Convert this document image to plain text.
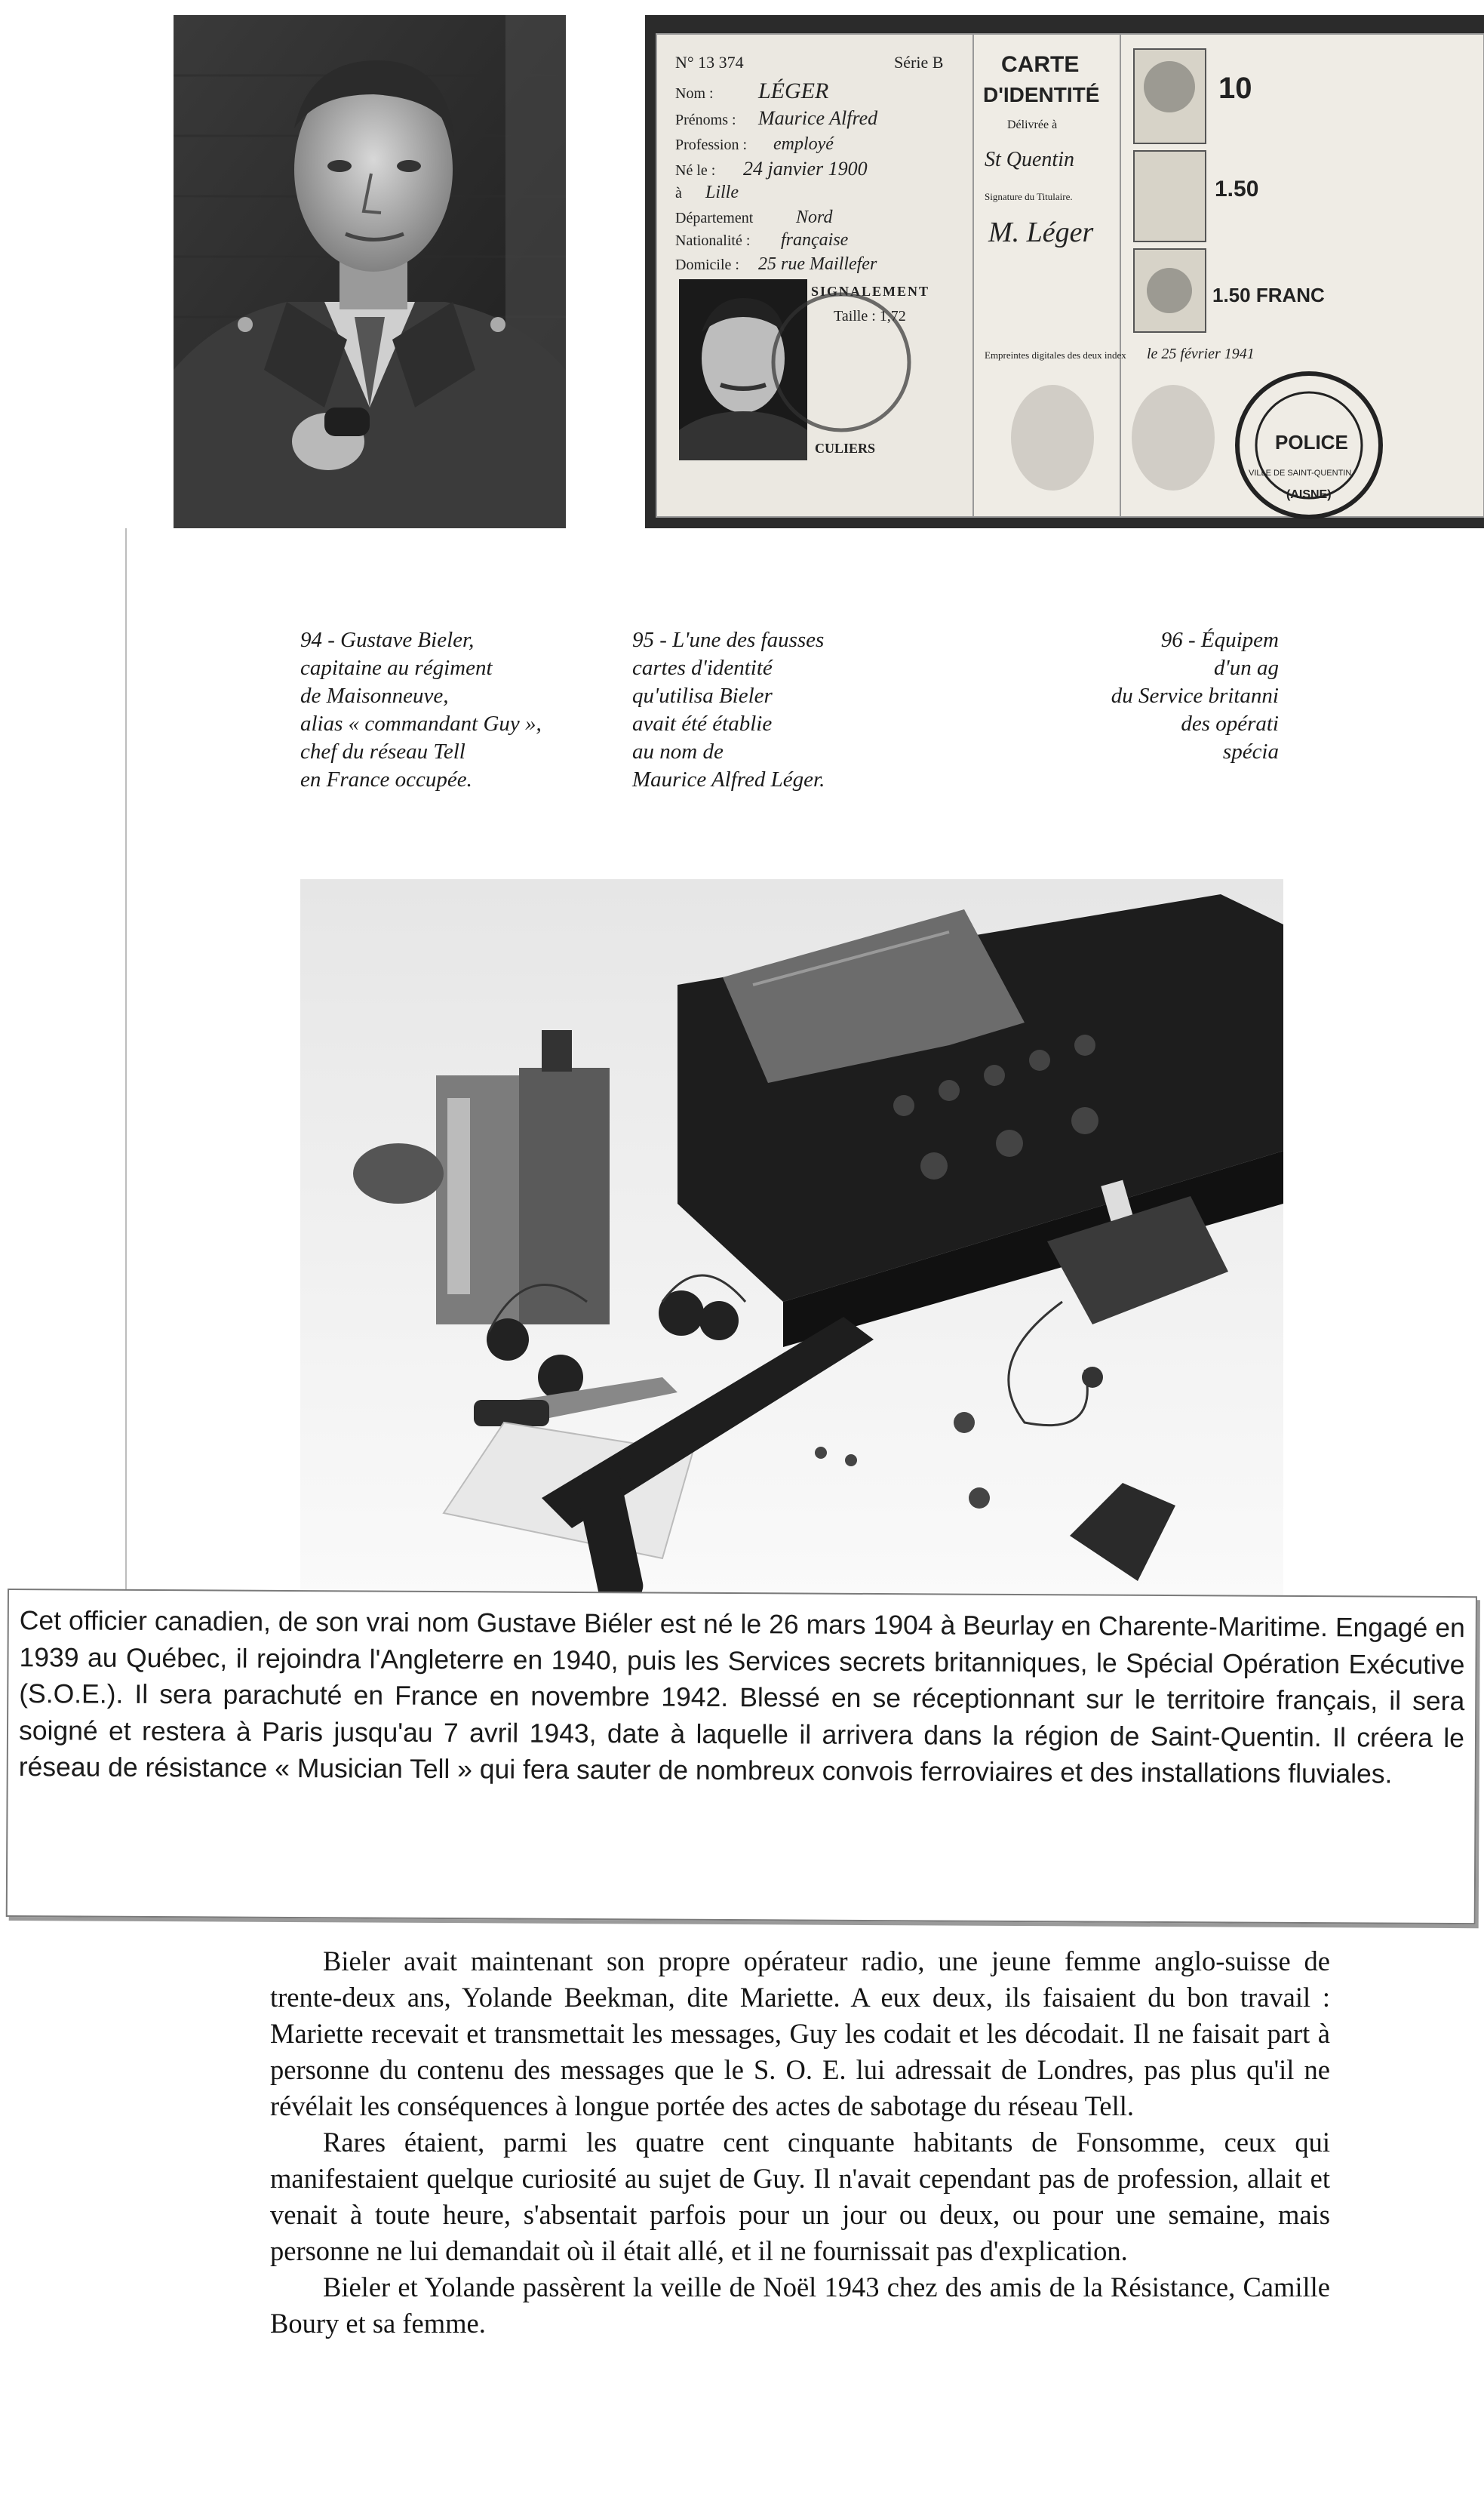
N° 13 374	Série B
Nom : LÉGER
Prénoms : Maurice Alfred
Profession : employé
Né le : 24 janvier 1900
à Lille
Département Nord
Nationalité : française
Domicile : 25 rue Maillefer
SIGNALEMENT
Taille : 1,72
CULIERS
CARTE
D'IDENTITÉ
Délivrée à
St Quentin
Signature du Titulaire.
M. Léger
Empreintes digitales des deux index le 25 février 1941
10
1.50
1.50 FRANC
POLICE
VILLE DE SAINT-QUENTIN
(AISNE)
94 - Gustave Bieler,
capitaine au régiment
de Maisonneuve,
alias « commandant Guy »,
chef du réseau Tell
en France occupée.
95 - L'une des fausses
cartes d'identité
qu'utilisa Bieler
avait été établie
au nom de
Maurice Alfred Léger.
96 - Équipem
d'un ag
du Service britanni
des opérati
spécia

Cet officier canadien, de son vrai nom Gustave Biéler est né le 26 mars 1904 à Beurlay en Charente-Maritime. Engagé en 1939 au Québec, il rejoindra l'Angleterre en 1940, puis les Services secrets britanniques, le Spécial Opération Exécutive (S.O.E.). Il sera parachuté en France en novembre 1942. Blessé en se réceptionnant sur le territoire français, il sera soigné et restera à Paris jusqu'au 7 avril 1943, date à laquelle il arrivera dans la région de Saint-Quentin. Il créera le réseau de résistance « Musician Tell » qui fera sauter de nombreux convois ferroviaires et des installations fluviales.

Bieler avait maintenant son propre opérateur radio, une jeune femme anglo-suisse de trente-deux ans, Yolande Beekman, dite Mariette. A eux deux, ils faisaient du bon travail : Mariette recevait et transmettait les messages, Guy les codait et les décodait. Il ne faisait part à personne du contenu des messages que le S. O. E. lui adressait de Londres, pas plus qu'il ne révélait les conséquences à longue portée des actes de sabotage du réseau Tell.

Rares étaient, parmi les quatre cent cinquante habitants de Fonsomme, ceux qui manifestaient quelque curiosité au sujet de Guy. Il n'avait cependant pas de profession, allait et venait à toute heure, s'absentait parfois pour un jour ou deux, ou pour une semaine, mais personne ne lui demandait où il était allé, et il ne fournissait pas d'explication.

Bieler et Yolande passèrent la veille de Noël 1943 chez des amis de la Résistance, Camille Boury et sa femme.
